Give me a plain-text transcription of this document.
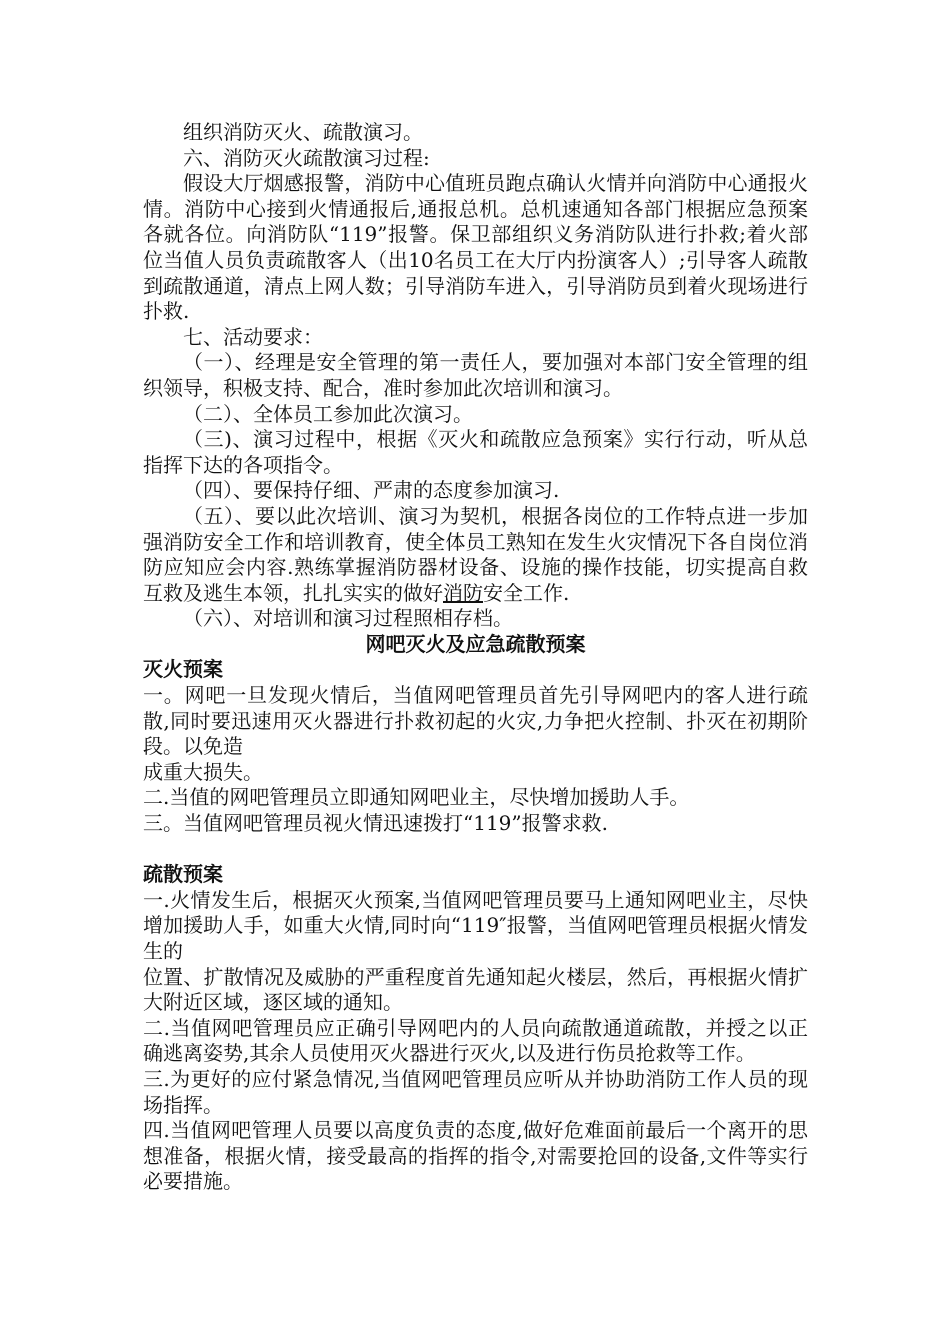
组织消防灭火、疏散演习。

六、消防灭火疏散演习过程:

假设大厅烟感报警，消防中心值班员跑点确认火情并向消防中心通报火情。消防中心接到火情通报后,通报总机。总机速通知各部门根据应急预案各就各位。向消防队“119”报警。保卫部组织义务消防队进行扑救;着火部位当值人员负责疏散客人（出10名员工在大厅内扮演客人）;引导客人疏散到疏散通道，清点上网人数；引导消防车进入，引导消防员到着火现场进行扑救.

七、活动要求：

（一）、经理是安全管理的第一责任人，要加强对本部门安全管理的组织领导，积极支持、配合，准时参加此次培训和演习。

（二）、全体员工参加此次演习。

（三)、演习过程中，根据《灭火和疏散应急预案》实行行动，听从总指挥下达的各项指令。

（四）、要保持仔细、严肃的态度参加演习.

（五）、要以此次培训、演习为契机，根据各岗位的工作特点进一步加强消防安全工作和培训教育，使全体员工熟知在发生火灾情况下各自岗位消防应知应会内容.熟练掌握消防器材设备、设施的操作技能，切实提高自救互救及逃生本领，扎扎实实的做好消防安全工作.

（六）、对培训和演习过程照相存档。

网吧灭火及应急疏散预案

灭火预案

一。网吧一旦发现火情后，当值网吧管理员首先引导网吧内的客人进行疏散,同时要迅速用灭火器进行扑救初起的火灾,力争把火控制、扑灭在初期阶段。以免造

成重大损失。

二.当值的网吧管理员立即通知网吧业主，尽快增加援助人手。

三。当值网吧管理员视火情迅速拨打“119”报警求救.

疏散预案

一.火情发生后，根据灭火预案,当值网吧管理员要马上通知网吧业主，尽快增加援助人手，如重大火情,同时向“119″报警，当值网吧管理员根据火情发生的

位置、扩散情况及威胁的严重程度首先通知起火楼层，然后，再根据火情扩大附近区域，逐区域的通知。

二.当值网吧管理员应正确引导网吧内的人员向疏散通道疏散，并授之以正确逃离姿势,其余人员使用灭火器进行灭火,以及进行伤员抢救等工作。

三.为更好的应付紧急情况,当值网吧管理员应听从并协助消防工作人员的现场指挥。

四.当值网吧管理人员要以高度负责的态度,做好危难面前最后一个离开的思想准备，根据火情，接受最高的指挥的指令,对需要抢回的设备,文件等实行必要措施。
